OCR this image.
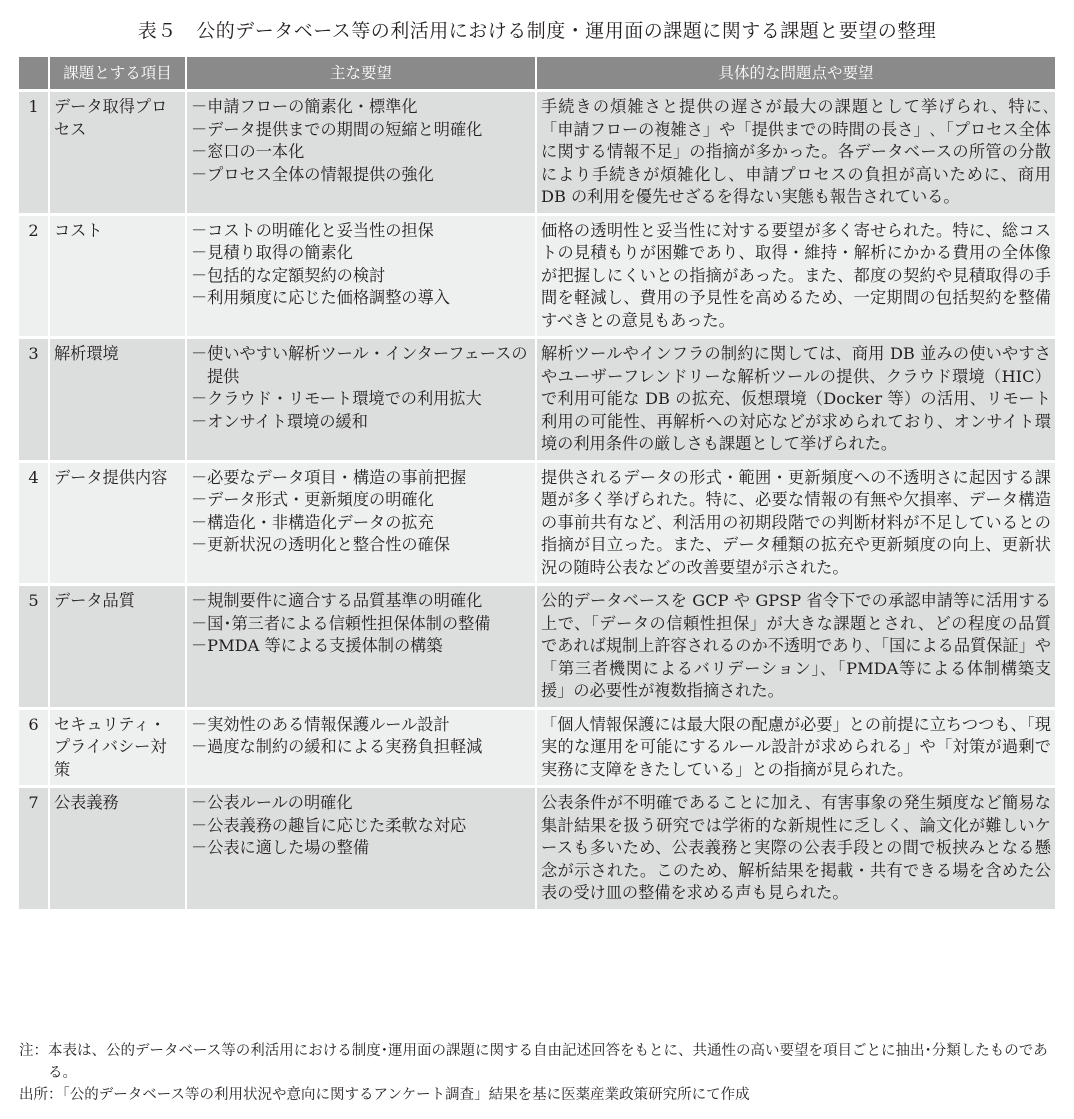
表５　公的データベース等の利活用における制度・運用面の課題に関する課題と要望の整理
	課題とする項目	主な要望	具体的な問題点や要望
1	データ取得プロセス	－申請フローの簡素化・標準化
－データ提供までの期間の短縮と明確化
－窓口の一本化
－プロセス全体の情報提供の強化	手続きの煩雑さと提供の遅さが最大の課題として挙げられ、特に､「申請フローの複雑さ」や「提供までの時間の長さ」､「プロセス全体に関する情報不足」の指摘が多かった。各データベースの所管の分散により手続きが煩雑化し、申請プロセスの負担が高いために、商用 DB の利用を優先せざるを得ない実態も報告されている。
2	コスト	－コストの明確化と妥当性の担保
－見積り取得の簡素化
－包括的な定額契約の検討
－利用頻度に応じた価格調整の導入	価格の透明性と妥当性に対する要望が多く寄せられた。特に、総コストの見積もりが困難であり、取得・維持・解析にかかる費用の全体像が把握しにくいとの指摘があった。また、都度の契約や見積取得の手間を軽減し、費用の予見性を高めるため、一定期間の包括契約を整備すべきとの意見もあった。
3	解析環境	－使いやすい解析ツール・インターフェースの提供
－クラウド・リモート環境での利用拡大
－オンサイト環境の緩和	解析ツールやインフラの制約に関しては、商用 DB 並みの使いやすさやユーザーフレンドリーな解析ツールの提供、クラウド環境（HIC）で利用可能な DB の拡充、仮想環境（Docker 等）の活用、リモート利用の可能性、再解析への対応などが求められており、オンサイト環境の利用条件の厳しさも課題として挙げられた。
4	データ提供内容	－必要なデータ項目・構造の事前把握
－データ形式・更新頻度の明確化
－構造化・非構造化データの拡充
－更新状況の透明化と整合性の確保	提供されるデータの形式・範囲・更新頻度への不透明さに起因する課題が多く挙げられた。特に、必要な情報の有無や欠損率、データ構造の事前共有など、利活用の初期段階での判断材料が不足しているとの指摘が目立った。また、データ種類の拡充や更新頻度の向上、更新状況の随時公表などの改善要望が示された。
5	データ品質	－規制要件に適合する品質基準の明確化
－国･第三者による信頼性担保体制の整備
－PMDA 等による支援体制の構築	公的データベースを GCP や GPSP 省令下での承認申請等に活用する上で、「データの信頼性担保」が大きな課題とされ、どの程度の品質であれば規制上許容されるのか不透明であり､「国による品質保証」や「第三者機関によるバリデーション｣､「PMDA等による体制構築支援」の必要性が複数指摘された。
6	セキュリティ・プライバシー対策	－実効性のある情報保護ルール設計
－過度な制約の緩和による実務負担軽減	「個人情報保護には最大限の配慮が必要」との前提に立ちつつも、「現実的な運用を可能にするルール設計が求められる」や「対策が過剰で実務に支障をきたしている」との指摘が見られた。
7	公表義務	－公表ルールの明確化
－公表義務の趣旨に応じた柔軟な対応
－公表に適した場の整備	公表条件が不明確であることに加え、有害事象の発生頻度など簡易な集計結果を扱う研究では学術的な新規性に乏しく、論文化が難しいケースも多いため、公表義務と実際の公表手段との間で板挟みとなる懸念が示された。このため、解析結果を掲載・共有できる場を含めた公表の受け皿の整備を求める声も見られた。
注： 本表は、公的データベース等の利活用における制度･運用面の課題に関する自由記述回答をもとに、共通性の高い要望を項目ごとに抽出･分類したものである。
出所： ｢公的データベース等の利用状況や意向に関するアンケート調査」結果を基に医薬産業政策研究所にて作成
